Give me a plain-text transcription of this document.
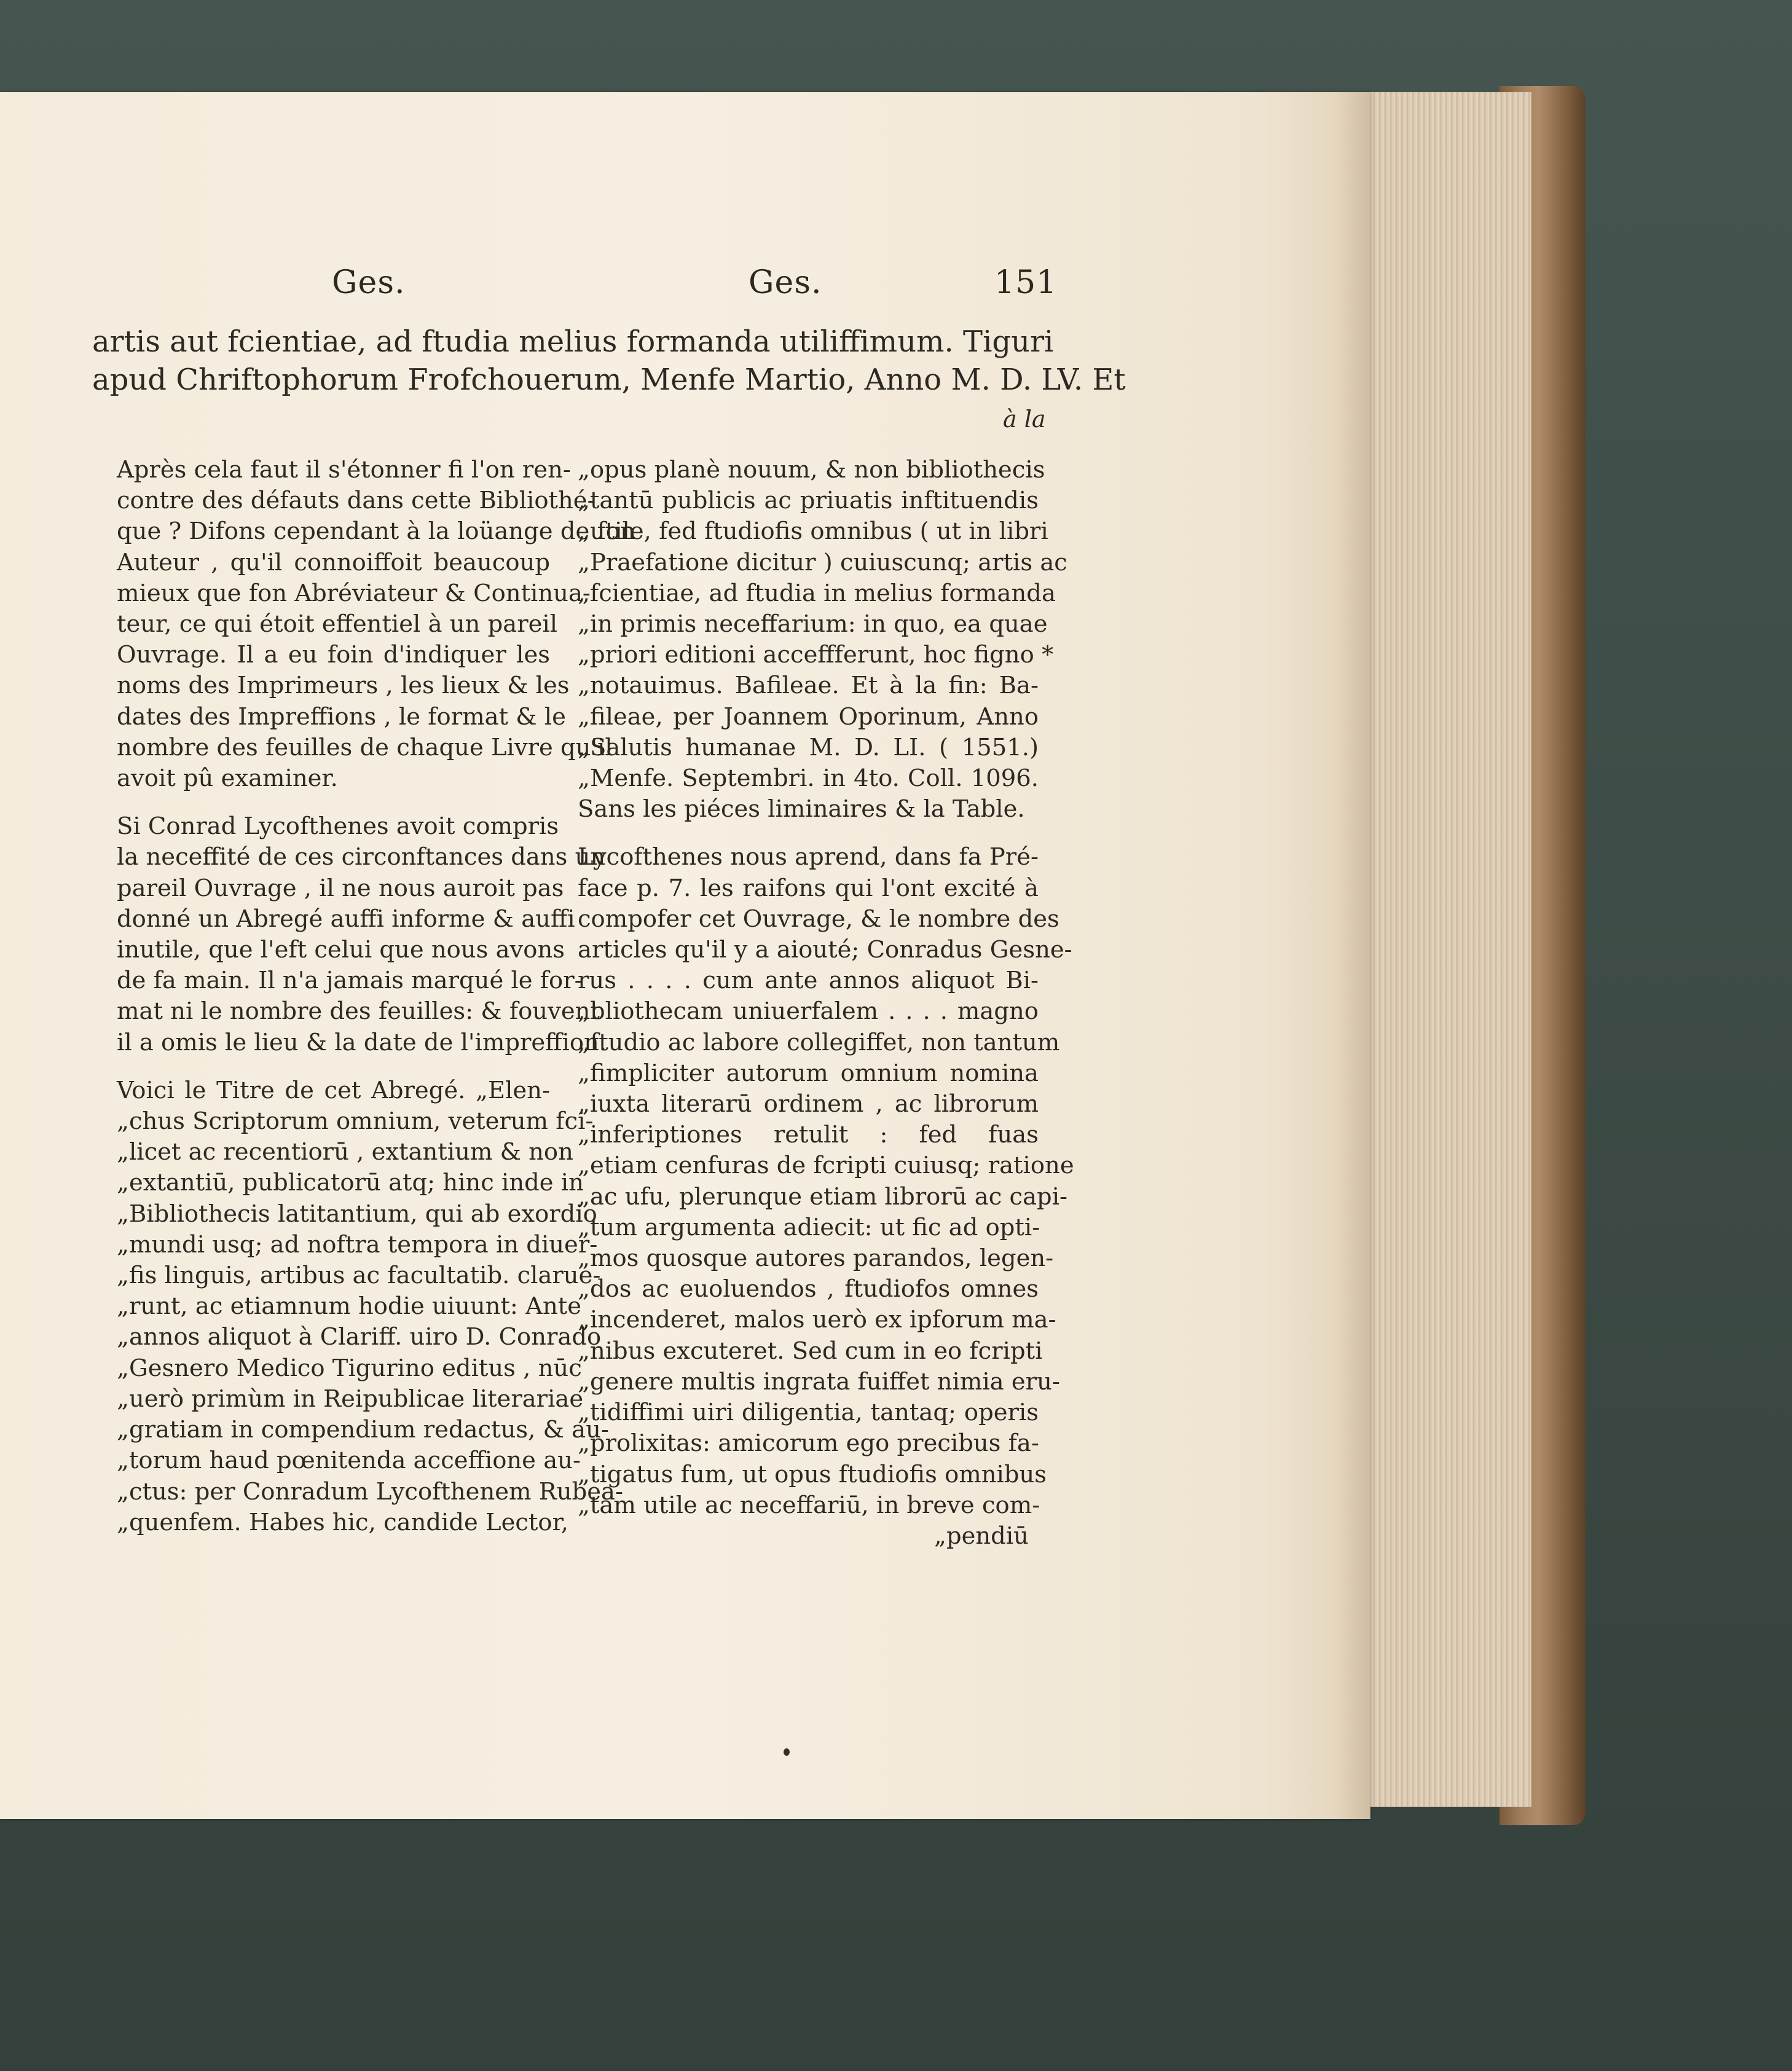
Ges.	Ges.	151
artis aut fcientiae, ad ftudia melius formanda utiliffimum. Tiguri
apud Chriftophorum Frofchouerum, Menfe Martio, Anno M. D. LV. Et
à la
Après cela faut il s'étonner fi l'on ren-
contre des défauts dans cette Bibliothé-
que ? Difons cependant à la loüange de fon
Auteur , qu'il connoiffoit beaucoup
mieux que fon Abréviateur & Continua-
teur, ce qui étoit effentiel à un pareil
Ouvrage. Il a eu foin d'indiquer les
noms des Imprimeurs , les lieux & les
dates des Impreffions , le format & le
nombre des feuilles de chaque Livre qu'il
avoit pû examiner.
Si Conrad Lycofthenes avoit compris
la neceffité de ces circonftances dans un
pareil Ouvrage , il ne nous auroit pas
donné un Abregé auffi informe & auffi
inutile, que l'eft celui que nous avons
de fa main. Il n'a jamais marqué le for-
mat ni le nombre des feuilles: & fouvent
il a omis le lieu & la date de l'impreffion.
Voici le Titre de cet Abregé. „Elen-
„chus Scriptorum omnium, veterum fci-
„licet ac recentiorū , extantium & non
„extantiū, publicatorū atq; hinc inde in
„Bibliothecis latitantium, qui ab exordio
„mundi usq; ad noftra tempora in diuer-
„fis linguis, artibus ac facultatib. clarue-
„runt, ac etiamnum hodie uiuunt: Ante
„annos aliquot à Clariff. uiro D. Conrado
„Gesnero Medico Tigurino editus , nūc
„uerò primùm in Reipublicae literariae
„gratiam in compendium redactus, & au-
„torum haud pœnitenda acceffione au-
„ctus: per Conradum Lycofthenem Rubea-
„quenfem. Habes hic, candide Lector,
„opus planè nouum, & non bibliothecis
„tantū publicis ac priuatis inftituendis
„utile, fed ftudiofis omnibus ( ut in libri
„Praefatione dicitur ) cuiuscunq; artis ac
„fcientiae, ad ftudia in melius formanda
„in primis neceffarium: in quo, ea quae
„priori editioni acceffferunt, hoc figno *
„notauimus. Bafileae. Et à la fin: Ba-
„fileae, per Joannem Oporinum, Anno
„Salutis humanae M. D. LI. ( 1551.)
„Menfe. Septembri. in 4to. Coll. 1096.
Sans les piéces liminaires & la Table.
Lycofthenes nous aprend, dans fa Pré-
face p. 7. les raifons qui l'ont excité à
compofer cet Ouvrage, & le nombre des
articles qu'il y a aiouté; Conradus Gesne-
rus . . . . cum ante annos aliquot Bi-
„bliothecam uniuerfalem . . . . magno
„ftudio ac labore collegiffet, non tantum
„fimpliciter autorum omnium nomina
„iuxta literarū ordinem , ac librorum
„inferiptiones retulit : fed fuas
„etiam cenfuras de fcripti cuiusq; ratione
„ac ufu, plerunque etiam librorū ac capi-
„tum argumenta adiecit: ut fic ad opti-
„mos quosque autores parandos, legen-
„dos ac euoluendos , ftudiofos omnes
„incenderet, malos uerò ex ipforum ma-
„nibus excuteret. Sed cum in eo fcripti
„genere multis ingrata fuiffet nimia eru-
„tidiffimi uiri diligentia, tantaq; operis
„prolixitas: amicorum ego precibus fa-
„tigatus fum, ut opus ftudiofis omnibus
„tam utile ac neceffariū, in breve com-
„pendiū
